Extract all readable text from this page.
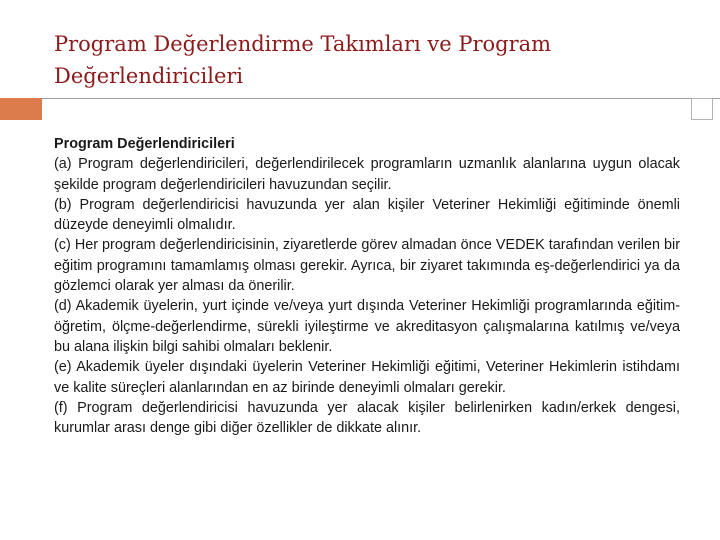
Program Değerlendirme Takımları ve Program Değerlendiricileri
Program Değerlendiricileri

(a) Program değerlendiricileri, değerlendirilecek programların uzmanlık alanlarına uygun olacak şekilde program değerlendiricileri havuzundan seçilir.

(b) Program değerlendiricisi havuzunda yer alan kişiler Veteriner Hekimliği eğitiminde önemli düzeyde deneyimli olmalıdır.

(c) Her program değerlendiricisinin, ziyaretlerde görev almadan önce VEDEK tarafından verilen bir eğitim programını tamamlamış olması gerekir. Ayrıca, bir ziyaret takımında eş-değerlendirici ya da gözlemci olarak yer alması da önerilir.

(d) Akademik üyelerin, yurt içinde ve/veya yurt dışında Veteriner Hekimliği programlarında eğitim-öğretim, ölçme-değerlendirme, sürekli iyileştirme ve akreditasyon çalışmalarına katılmış ve/veya bu alana ilişkin bilgi sahibi olmaları beklenir.

(e) Akademik üyeler dışındaki üyelerin Veteriner Hekimliği eğitimi, Veteriner Hekimlerin istihdamı ve kalite süreçleri alanlarından en az birinde deneyimli olmaları gerekir.

(f) Program değerlendiricisi havuzunda yer alacak kişiler belirlenirken kadın/erkek dengesi, kurumlar arası denge gibi diğer özellikler de dikkate alınır.
